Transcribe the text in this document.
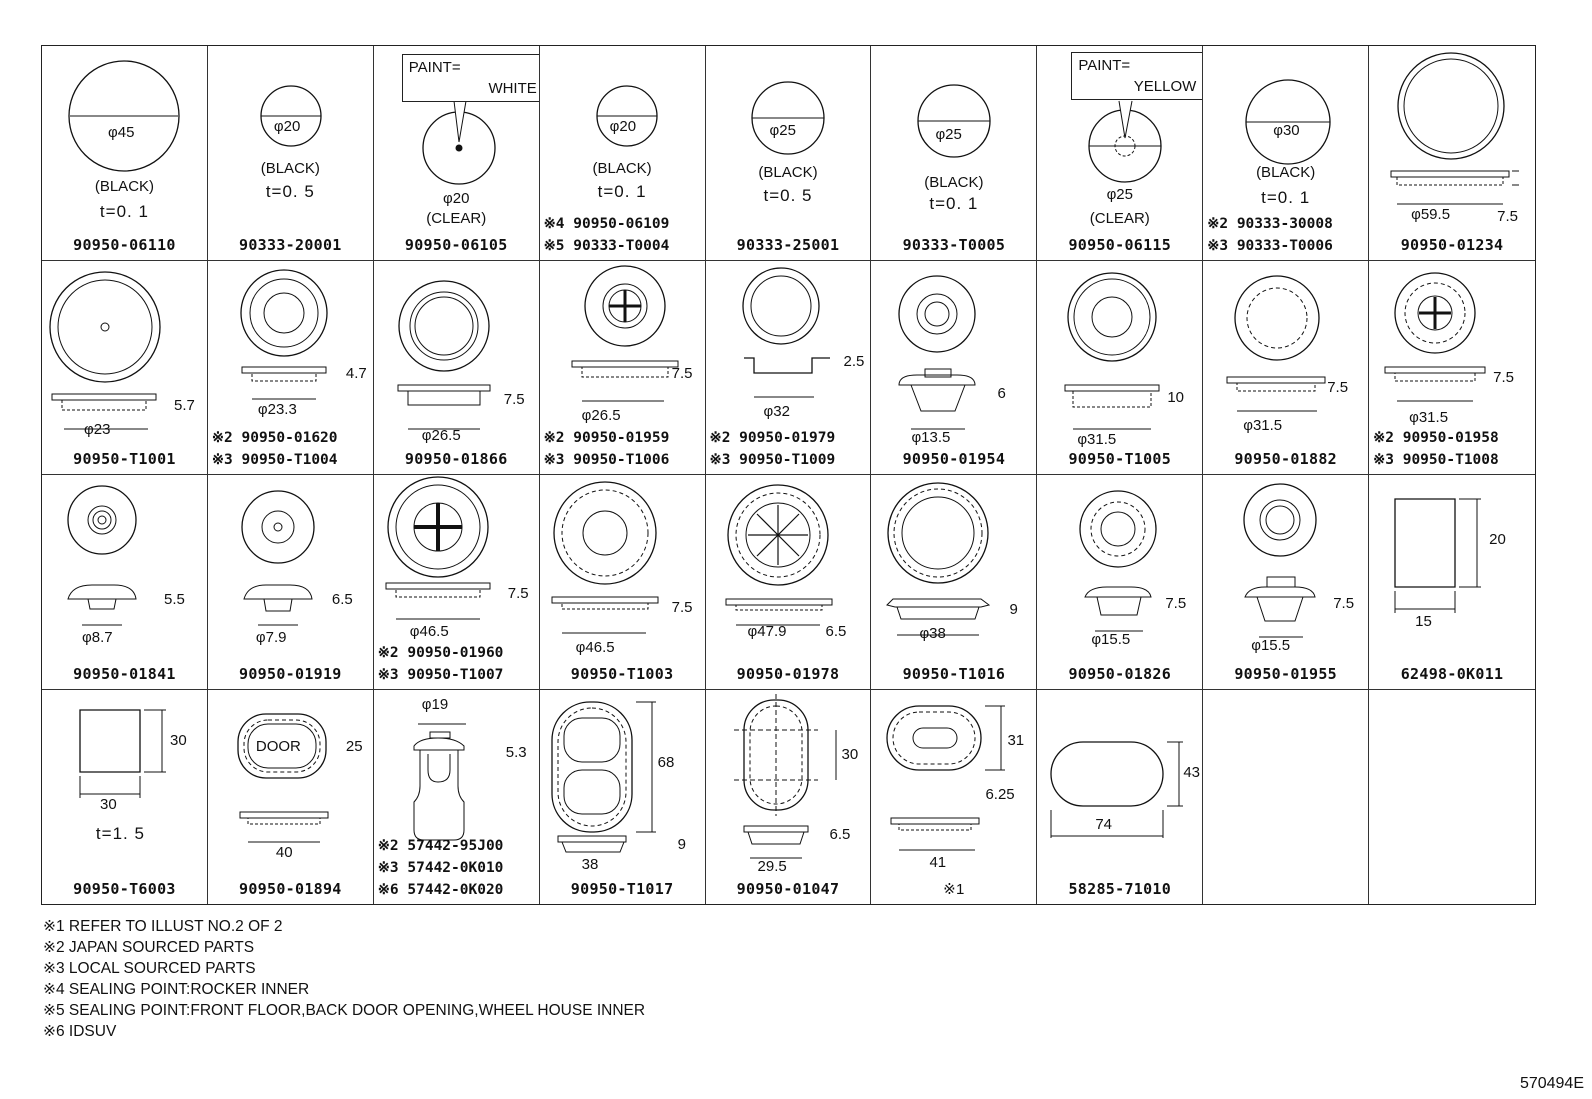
φ45
(BLACK)
t=0. 1
90950-06110
φ20
(BLACK)
t=0. 5
90333-20001
PAINT=
WHITE
φ20
(CLEAR)
90950-06105
φ20
(BLACK)
t=0. 1
※4 90950-06109
※5 90333-T0004
φ25
(BLACK)
t=0. 5
90333-25001
φ25
(BLACK)
t=0. 1
90333-T0005
PAINT=
YELLOW
φ25
(CLEAR)
90950-06115
φ30
(BLACK)
t=0. 1
※2 90333-30008
※3 90333-T0006
φ59.5	7.5
90950-01234
5.7
φ23
90950-T1001
4.7
φ23.3
※2 90950-01620
※3 90950-T1004
7.5
φ26.5
90950-01866
7.5
φ26.5
※2 90950-01959
※3 90950-T1006
2.5
φ32
※2 90950-01979
※3 90950-T1009
6
φ13.5
90950-01954
10
φ31.5
90950-T1005
7.5
φ31.5
90950-01882
7.5
φ31.5
※2 90950-01958
※3 90950-T1008
5.5
φ8.7
90950-01841
6.5
φ7.9
90950-01919
7.5
φ46.5
※2 90950-01960
※3 90950-T1007
7.5
φ46.5
90950-T1003
6.5
φ47.9
90950-01978
9
φ38
90950-T1016
7.5
φ15.5
90950-01826
7.5
φ15.5
90950-01955
20
15
62498-0K011
30
30
t=1. 5
90950-T6003
DOOR	25
40
90950-01894
φ19
5.3
※2 57442-95J00
※3 57442-0K010
※6 57442-0K020
68
9
38
90950-T1017
30
6.5
29.5
90950-01047
31
6.25
41
※1
43
74
58285-71010
※1 REFER TO ILLUST NO.2 OF 2
※2 JAPAN SOURCED PARTS
※3 LOCAL SOURCED PARTS
※4 SEALING POINT:ROCKER INNER
※5 SEALING POINT:FRONT FLOOR,BACK DOOR OPENING,WHEEL HOUSE INNER
※6 IDSUV
570494E
